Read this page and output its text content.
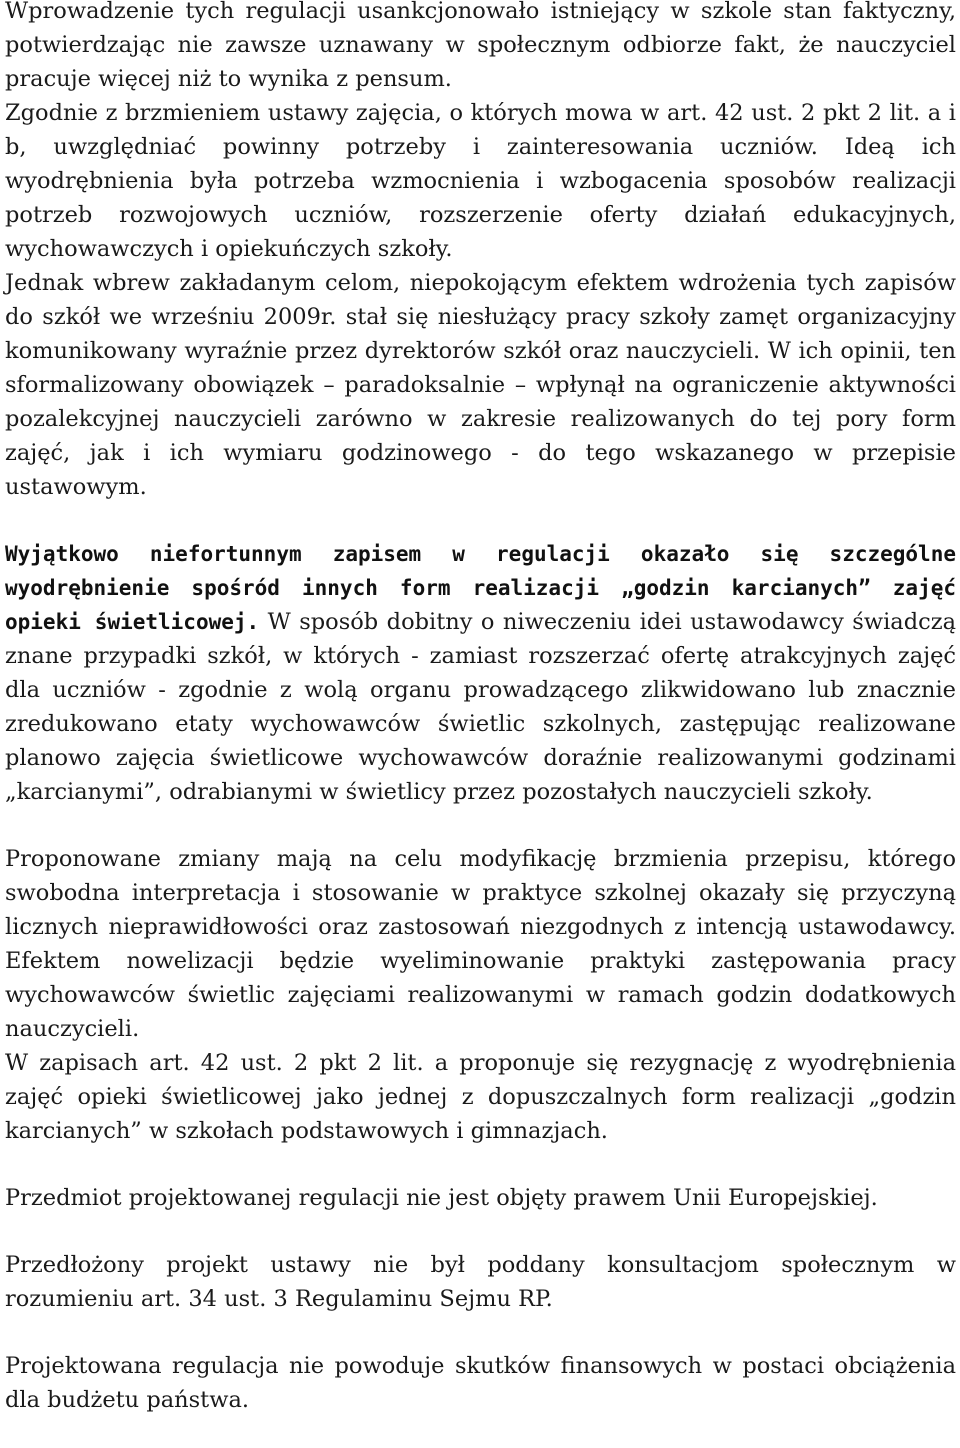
Wprowadzenie tych regulacji usankcjonowało istniejący w szkole stan faktyczny, potwierdzając nie zawsze uznawany w społecznym odbiorze fakt, że nauczyciel pracuje więcej niż to wynika z pensum.

Zgodnie z brzmieniem ustawy zajęcia, o których mowa w art. 42 ust. 2 pkt 2 lit. a i b, uwzględniać powinny potrzeby i zainteresowania uczniów. Ideą ich wyodrębnienia była potrzeba wzmocnienia i wzbogacenia sposobów realizacji potrzeb rozwojowych uczniów, rozszerzenie oferty działań edukacyjnych, wychowawczych i opiekuńczych szkoły.

Jednak wbrew zakładanym celom, niepokojącym efektem wdrożenia tych zapisów do szkół we wrześniu 2009r. stał się niesłużący pracy szkoły zamęt organizacyjny komunikowany wyraźnie przez dyrektorów szkół oraz nauczycieli. W ich opinii, ten sformalizowany obowiązek – paradoksalnie – wpłynął na ograniczenie aktywności pozalekcyjnej nauczycieli zarówno w zakresie realizowanych do tej pory form zajęć, jak i ich wymiaru godzinowego - do tego wskazanego w przepisie ustawowym.

Wyjątkowo niefortunnym zapisem w regulacji okazało się szczególne wyodrębnienie spośród innych form realizacji „godzin karcianych” zajęć opieki świetlicowej. W sposób dobitny o niweczeniu idei ustawodawcy świadczą znane przypadki szkół, w których - zamiast rozszerzać ofertę atrakcyjnych zajęć dla uczniów - zgodnie z wolą organu prowadzącego zlikwidowano lub znacznie zredukowano etaty wychowawców świetlic szkolnych, zastępując realizowane planowo zajęcia świetlicowe wychowawców doraźnie realizowanymi godzinami „karcianymi”, odrabianymi w świetlicy przez pozostałych nauczycieli szkoły.

Proponowane zmiany mają na celu modyfikację brzmienia przepisu, którego swobodna interpretacja i stosowanie w praktyce szkolnej okazały się przyczyną licznych nieprawidłowości oraz zastosowań niezgodnych z intencją ustawodawcy. Efektem nowelizacji będzie wyeliminowanie praktyki zastępowania pracy wychowawców świetlic zajęciami realizowanymi w ramach godzin dodatkowych nauczycieli.

W zapisach art. 42 ust. 2 pkt 2 lit. a proponuje się rezygnację z wyodrębnienia zajęć opieki świetlicowej jako jednej z dopuszczalnych form realizacji „godzin karcianych” w szkołach podstawowych i gimnazjach.

Przedmiot projektowanej regulacji nie jest objęty prawem Unii Europejskiej.

Przedłożony projekt ustawy nie był poddany konsultacjom społecznym w rozumieniu art. 34 ust. 3 Regulaminu Sejmu RP.

Projektowana regulacja nie powoduje skutków finansowych w postaci obciążenia dla budżetu państwa.
